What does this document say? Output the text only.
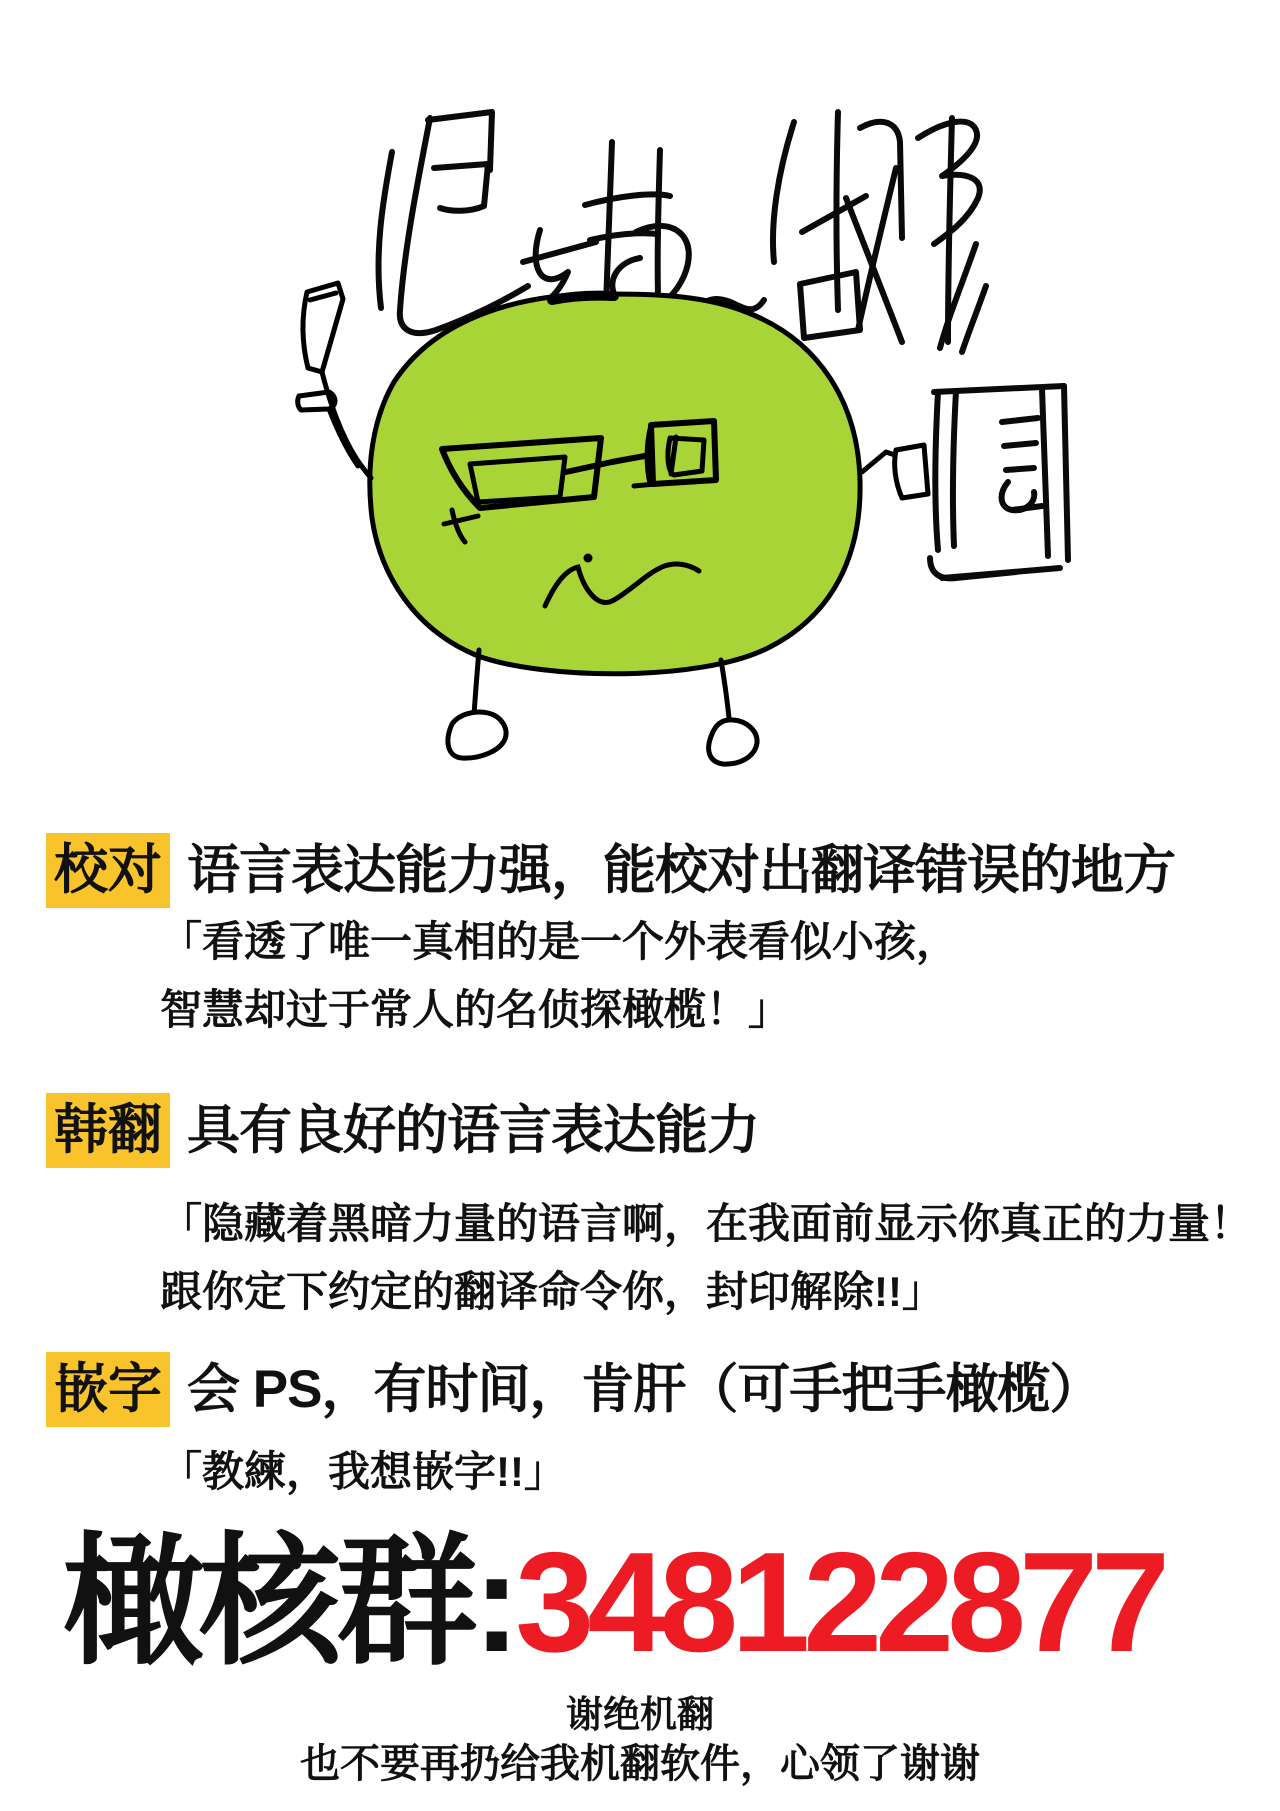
校对 语言表达能力强，能校对出翻译错误的地方
「看透了唯一真相的是一个外表看似小孩，
智慧却过于常人的名侦探橄榄！」
韩翻 具有良好的语言表达能力
「隐藏着黑暗力量的语言啊，在我面前显示你真正的力量！
跟你定下约定的翻译命令你，封印解除!!」
嵌字 会 PS，有时间，肯肝（可手把手橄榄）
「教練，我想嵌字!!」
橄核群:348122877
谢绝机翻
也不要再扔给我机翻软件，心领了谢谢
